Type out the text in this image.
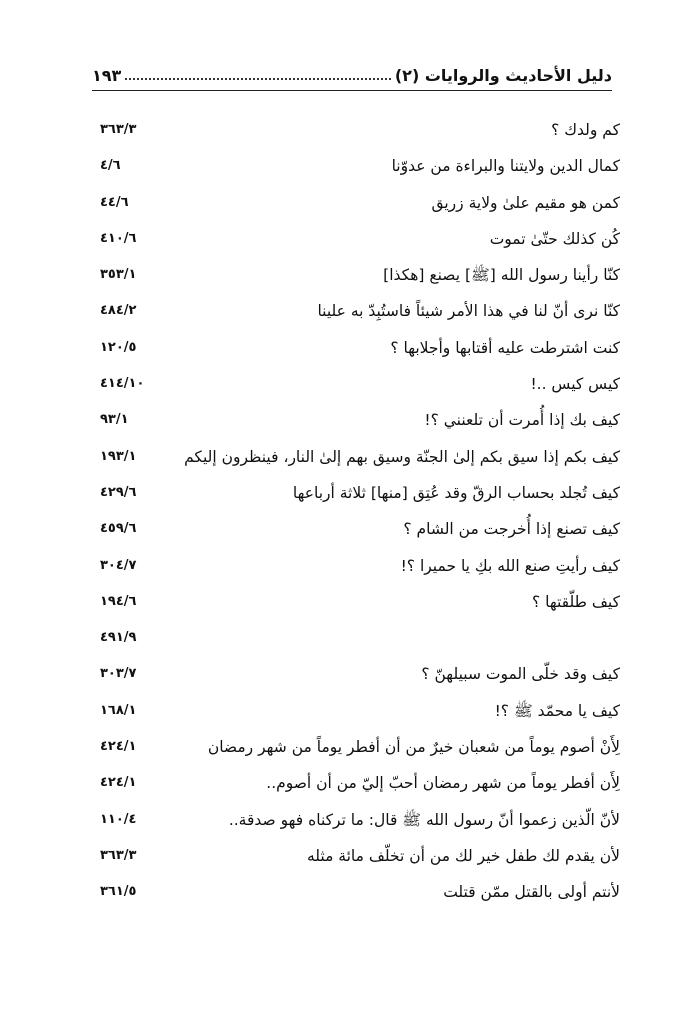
دليل الأحاديث والروايات (٢)
١٩٣
كم ولدك ؟
٣٦٣/٣
كمال الدين ولايتنا والبراءة من عدوّنا
٤/٦
كمن هو مقيم علىٰ ولاية زريق
٤٤/٦
كُن كذلك حتّىٰ تموت
٤١٠/٦
كنّا رأينا رسول الله [ﷺ] يصنع [هكذا]
٣٥٣/١
كنّا نرى أنّ لنا في هذا الأمر شيئاً فاستُبِدّ به علينا
٤٨٤/٢
كنت اشترطت عليه أقتابها وأجلابها ؟
١٢٠/٥
كيس كيس ..!
٤١٤/١٠
كيف بك إذا أُمرت أن تلعنني ؟!
٩٣/١
كيف بكم إذا سيق بكم إلىٰ الجنّة وسيق بهم إلىٰ النار، فينظرون إليكم
١٩٣/١
كيف تُجلد بحساب الرقّ وقد عُتِق [منها] ثلاثة أرباعها
٤٢٩/٦
كيف تصنع إذا أُخرجت من الشام ؟
٤٥٩/٦
كيف رأيتِ صنع الله بكِ يا حميرا ؟!
٣٠٤/٧
كيف طلّقتها ؟
١٩٤/٦
٤٩١/٩
كيف وقد خلّى الموت سبيلهنّ ؟
٣٠٣/٧
كيف يا محمّد ﷺ ؟!
١٦٨/١
لِأَنْ أصوم يوماً من شعبان خيرٌ من أن أفطر يوماً من شهر رمضان
٤٢٤/١
لِأَن أفطر يوماً من شهر رمضان أحبّ إليّ من أن أصوم..
٤٢٤/١
لأنّ الّذين زعموا أنّ رسول الله ﷺ قال: ما تركناه فهو صدقة..
١١٠/٤
لأن يقدم لك طفل خير لك من أن تخلّف مائة مثله
٣٦٣/٣
لأنتم أولى بالقتل ممّن قتلت
٣٦١/٥
